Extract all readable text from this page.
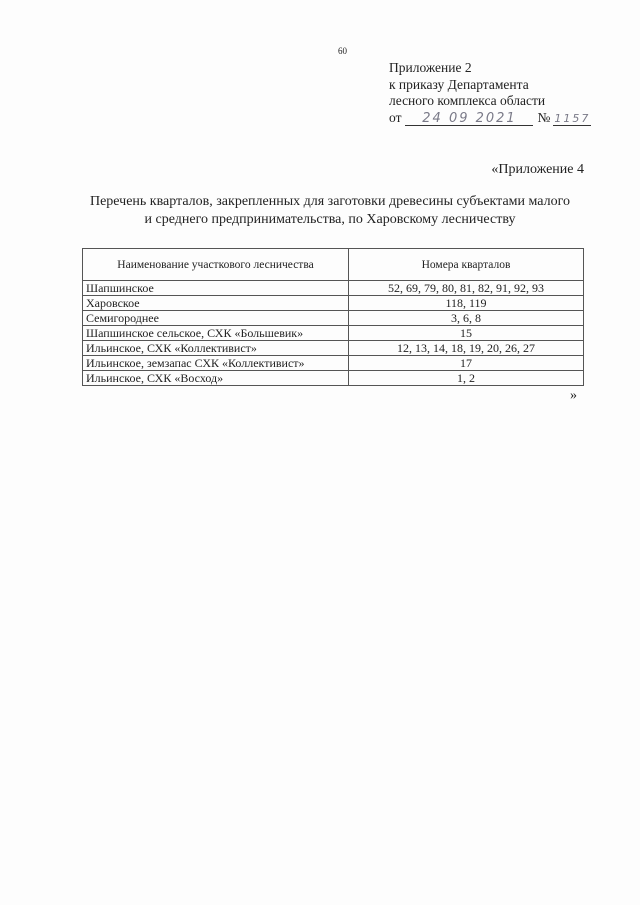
60
Приложение 2
к приказу Департамента
лесного комплекса области
от 24 09 2021 № 1157
«Приложение 4
Перечень кварталов, закрепленных для заготовки древесины субъектами малого
и среднего предпринимательства, по Харовскому лесничеству
Наименование участкового лесничества	Номера кварталов
Шапшинское	52, 69, 79, 80, 81, 82, 91, 92, 93
Харовское	118, 119
Семигороднее	3, 6, 8
Шапшинское сельское, СХК «Большевик»	15
Ильинское, СХК «Коллективист»	12, 13, 14, 18, 19, 20, 26, 27
Ильинское, земзапас СХК «Коллективист»	17
Ильинское, СХК «Восход»	1, 2
»
